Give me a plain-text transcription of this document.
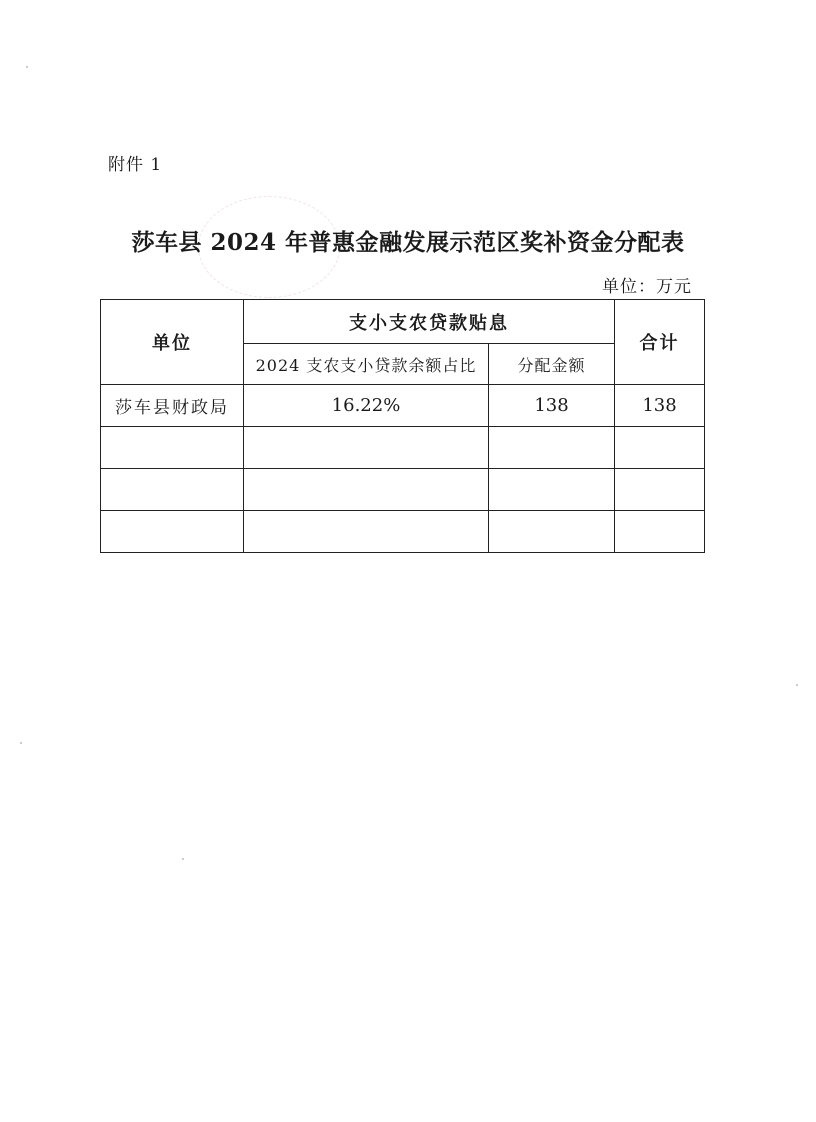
附件 1
莎车县 2024 年普惠金融发展示范区奖补资金分配表
单位：万元
单位	支小支农贷款贴息		合计
	2024 支农支小贷款余额占比	分配金额	
莎车县财政局	16.22%	138	138
